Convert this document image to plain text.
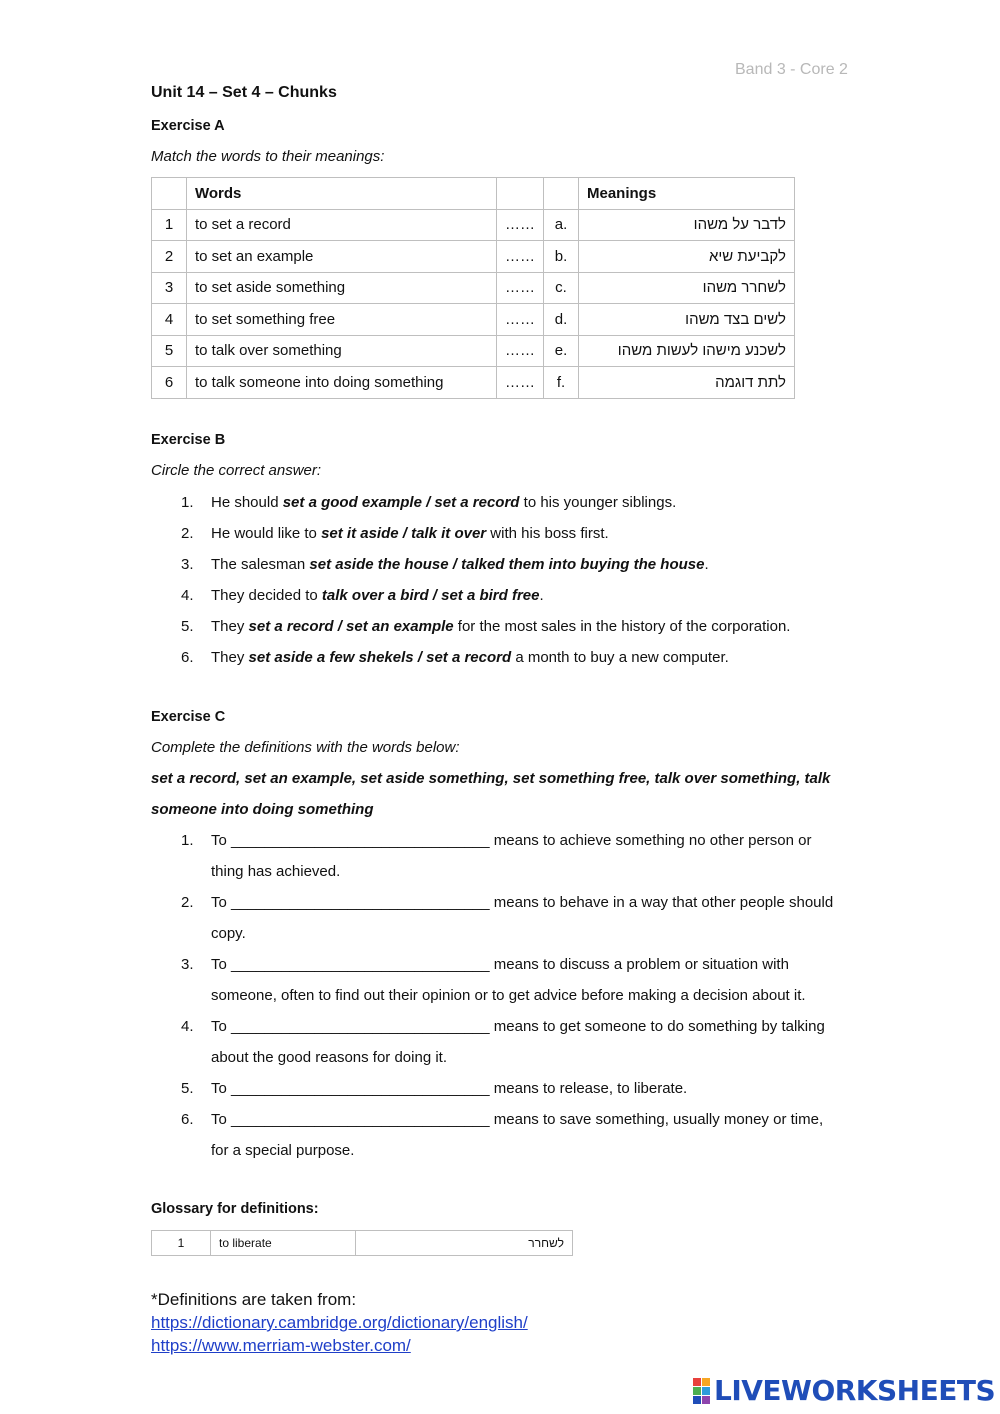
Band 3 - Core 2
Unit 14 – Set 4 – Chunks
Exercise A
Match the words to their meanings:
	Words			Meanings
1	to set a record	……	a.	לדבר על משהו
2	to set an example	……	b.	לקביעת שיא
3	to set aside something	……	c.	לשחרר משהו
4	to set something free	……	d.	לשים בצד משהו
5	to talk over something	……	e.	לשכנע מישהו לעשות משהו
6	to talk someone into doing something	……	f.	לתת דוגמה
Exercise B
Circle the correct answer:
1.	He should set a good example / set a record to his younger siblings.
2.	He would like to set it aside / talk it over with his boss first.
3.	The salesman set aside the house / talked them into buying the house.
4.	They decided to talk over a bird / set a bird free.
5.	They set a record / set an example for the most sales in the history of the corporation.
6.	They set aside a few shekels / set a record a month to buy a new computer.
Exercise C
Complete the definitions with the words below:
set a record, set an example, set aside something, set something free, talk over something, talk
someone into doing something
1.	To _______________________________ means to achieve something no other person or
thing has achieved.
2.	To _______________________________ means to behave in a way that other people should
copy.
3.	To _______________________________ means to discuss a problem or situation with
someone, often to find out their opinion or to get advice before making a decision about it.
4.	To _______________________________ means to get someone to do something by talking
about the good reasons for doing it.
5.	To _______________________________ means to release, to liberate.
6.	To _______________________________ means to save something, usually money or time,
for a special purpose.
Glossary for definitions:
1	to liberate	לשחרר
*Definitions are taken from:
https://dictionary.cambridge.org/dictionary/english/
https://www.merriam-webster.com/
LIVEWORKSHEETS
